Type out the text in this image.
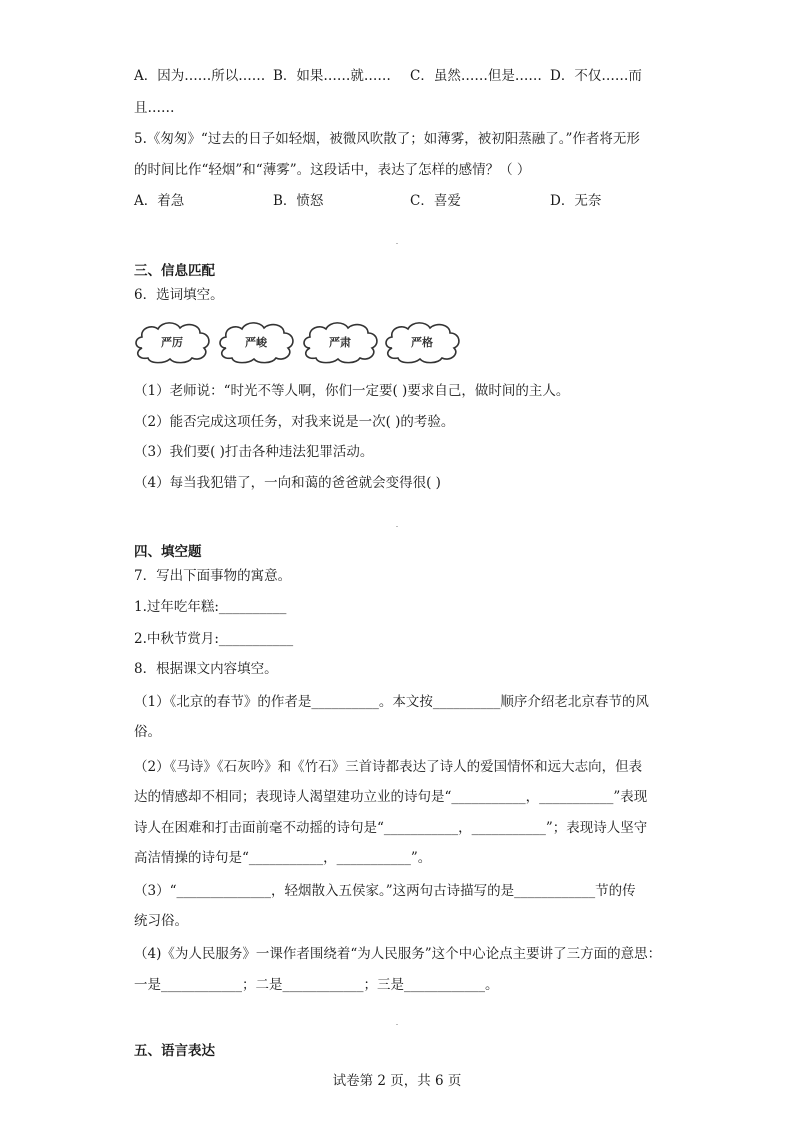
A．因为……所以…… B．如果……就…… C．虽然……但是…… D．不仅……而
且……
5.《匆匆》“过去的日子如轻烟，被微风吹散了；如薄雾，被初阳蒸融了。”作者将无形
的时间比作“轻烟”和“薄雾”。这段话中，表达了怎样的感情？（ ）
A．着急	B．愤怒	C．喜爱	D．无奈
三、信息匹配
6．选词填空。
严厉	严峻	严肃	严格
（1）老师说：“时光不等人啊，你们一定要( )要求自己，做时间的主人。
（2）能否完成这项任务，对我来说是一次( )的考验。
（3）我们要( )打击各种违法犯罪活动。
（4）每当我犯错了，一向和蔼的爸爸就会变得很( )
四、填空题
7．写出下面事物的寓意。
1.过年吃年糕:__________
2.中秋节赏月:___________
8．根据课文内容填空。
（1）《北京的春节》的作者是__________。本文按__________顺序介绍老北京春节的风
俗。
（2）《马诗》《石灰吟》和《竹石》三首诗都表达了诗人的爱国情怀和远大志向，但表
达的情感却不相同；表现诗人渴望建功立业的诗句是“___________，___________”表现
诗人在困难和打击面前毫不动摇的诗句是“___________，___________”；表现诗人坚守
高洁情操的诗句是“___________，___________”。
（3）“______________，轻烟散入五侯家。”这两句古诗描写的是____________节的传
统习俗。
（4)《为人民服务》一课作者围绕着“为人民服务”这个中心论点主要讲了三方面的意思：
一是____________；二是____________；三是____________。
五、语言表达
试卷第 2 页，共 6 页
